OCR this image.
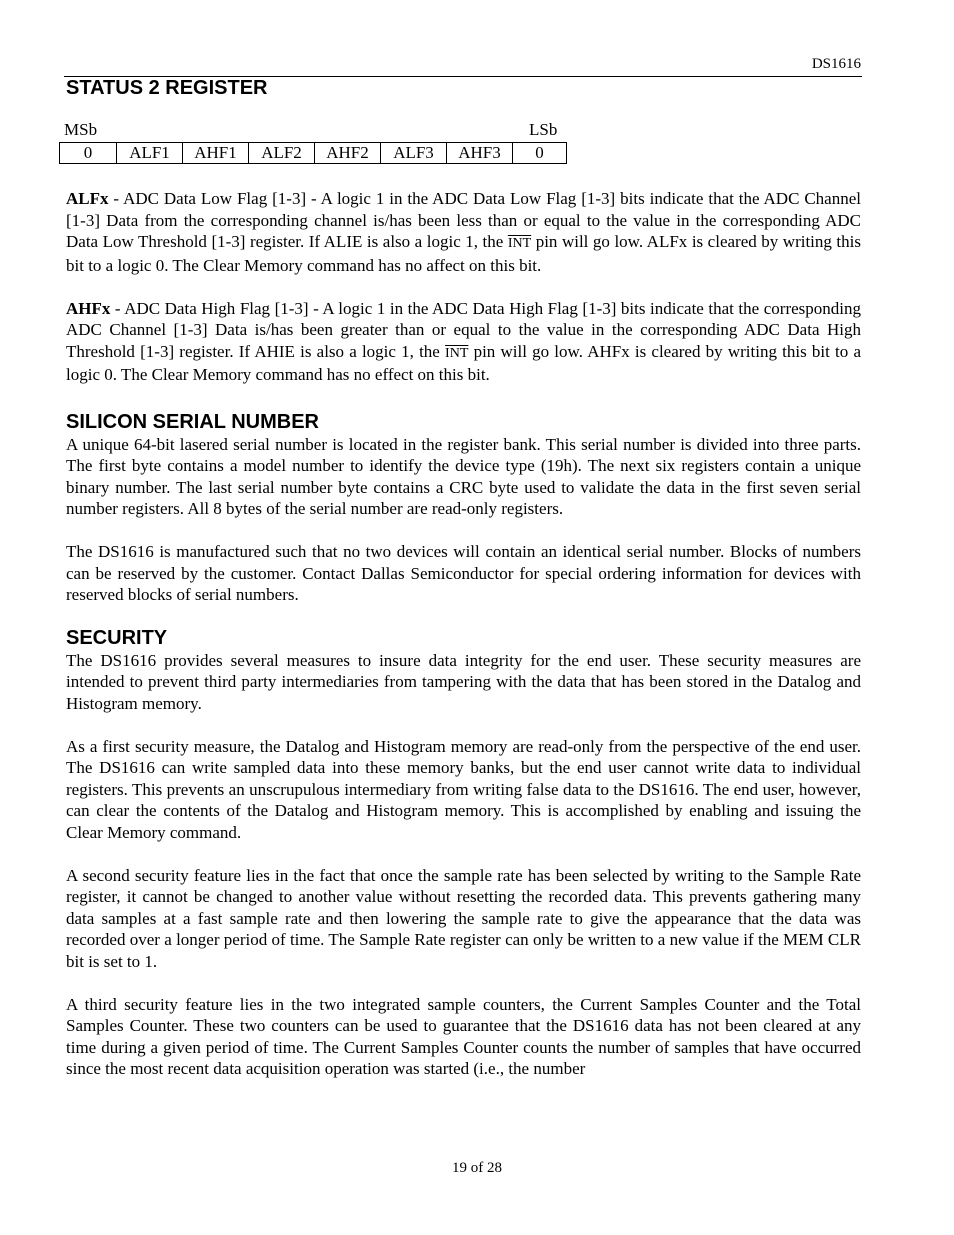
DS1616
STATUS 2 REGISTER
MSb	LSb
0	ALF1	AHF1	ALF2	AHF2	ALF3	AHF3	0

ALFx - ADC Data Low Flag [1-3] - A logic 1 in the ADC Data Low Flag [1-3] bits indicate that the ADC Channel [1-3] Data from the corresponding channel is/has been less than or equal to the value in the corresponding ADC Data Low Threshold [1-3] register. If ALIE is also a logic 1, the $\overline{INT}$ pin will go low. ALFx is cleared by writing this bit to a logic 0. The Clear Memory command has no affect on this bit.

AHFx - ADC Data High Flag [1-3] - A logic 1 in the ADC Data High Flag [1-3] bits indicate that the corresponding ADC Channel [1-3] Data is/has been greater than or equal to the value in the corresponding ADC Data High Threshold [1-3] register. If AHIE is also a logic 1, the $\overline{INT}$ pin will go low. AHFx is cleared by writing this bit to a logic 0. The Clear Memory command has no effect on this bit.

SILICON SERIAL NUMBER

A unique 64-bit lasered serial number is located in the register bank. This serial number is divided into three parts. The first byte contains a model number to identify the device type (19h). The next six registers contain a unique binary number. The last serial number byte contains a CRC byte used to validate the data in the first seven serial number registers. All 8 bytes of the serial number are read-only registers.

The DS1616 is manufactured such that no two devices will contain an identical serial number. Blocks of numbers can be reserved by the customer. Contact Dallas Semiconductor for special ordering information for devices with reserved blocks of serial numbers.

SECURITY

The DS1616 provides several measures to insure data integrity for the end user. These security measures are intended to prevent third party intermediaries from tampering with the data that has been stored in the Datalog and Histogram memory.

As a first security measure, the Datalog and Histogram memory are read-only from the perspective of the end user. The DS1616 can write sampled data into these memory banks, but the end user cannot write data to individual registers. This prevents an unscrupulous intermediary from writing false data to the DS1616. The end user, however, can clear the contents of the Datalog and Histogram memory. This is accomplished by enabling and issuing the Clear Memory command.

A second security feature lies in the fact that once the sample rate has been selected by writing to the Sample Rate register, it cannot be changed to another value without resetting the recorded data. This prevents gathering many data samples at a fast sample rate and then lowering the sample rate to give the appearance that the data was recorded over a longer period of time. The Sample Rate register can only be written to a new value if the MEM CLR bit is set to 1.

A third security feature lies in the two integrated sample counters, the Current Samples Counter and the Total Samples Counter. These two counters can be used to guarantee that the DS1616 data has not been cleared at any time during a given period of time. The Current Samples Counter counts the number of samples that have occurred since the most recent data acquisition operation was started (i.e., the number

19 of 28
